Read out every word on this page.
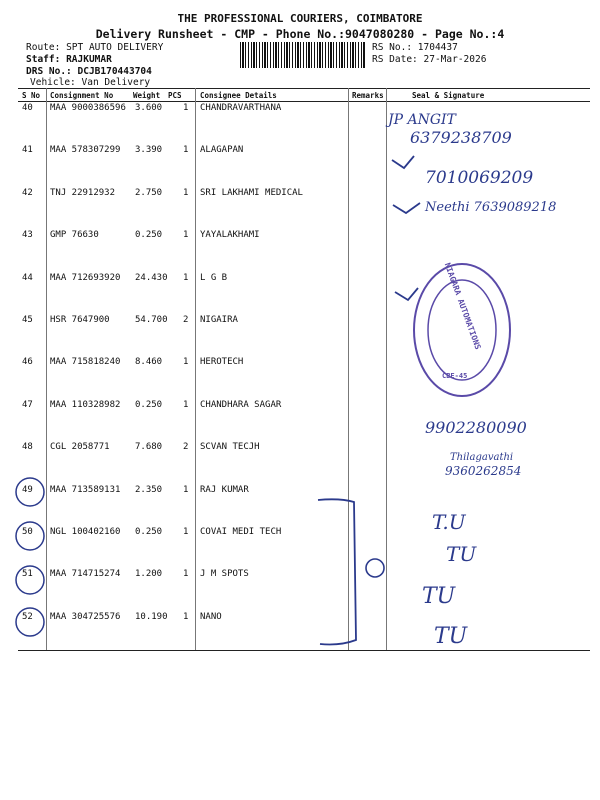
THE PROFESSIONAL COURIERS, COIMBATORE
Delivery Runsheet - CMP - Phone No.:9047080280 - Page No.:4
Route: SPT AUTO DELIVERY
Staff: RAJKUMAR
DRS No.: DCJB170443704
Vehicle: Van Delivery
RS No.: 1704437
RS Date: 27-Mar-2026
S No Consignment No	Weight PCS Consignee Details	Remarks	Seal & Signature
40 MAA 9000386596 3.600 1 CHANDRAVARTHANA
41 MAA 578307299 3.390 1 ALAGAPAN
42 TNJ 22912932 2.750 1 SRI LAKHAMI MEDICAL
43 GMP 76630	0.250 1 YAYALAKHAMI
44 MAA 712693920 24.430 1 L G B
45 HSR 7647900	54.700 2 NIGAIRA
46 MAA 715818240 8.460 1 HEROTECH
47 MAA 110328982 0.250 1 CHANDHARA SAGAR
48 CGL 2058771	7.680 2 SCVAN TECJH
49 MAA 713589131 2.350 1 RAJ KUMAR
50 NGL 100402160 0.250 1 COVAI MEDI TECH
51 MAA 714715274 1.200 1 J M SPOTS
52 MAA 304725576 10.190 1 NANO
JP ANGIT
6379238709
7010069209
Neethi 7639089218
9902280090
Thilagavathi
9360262854
T.U
TU
TU
TU
NIAGARA AUTOMATIONS
CBE-45
